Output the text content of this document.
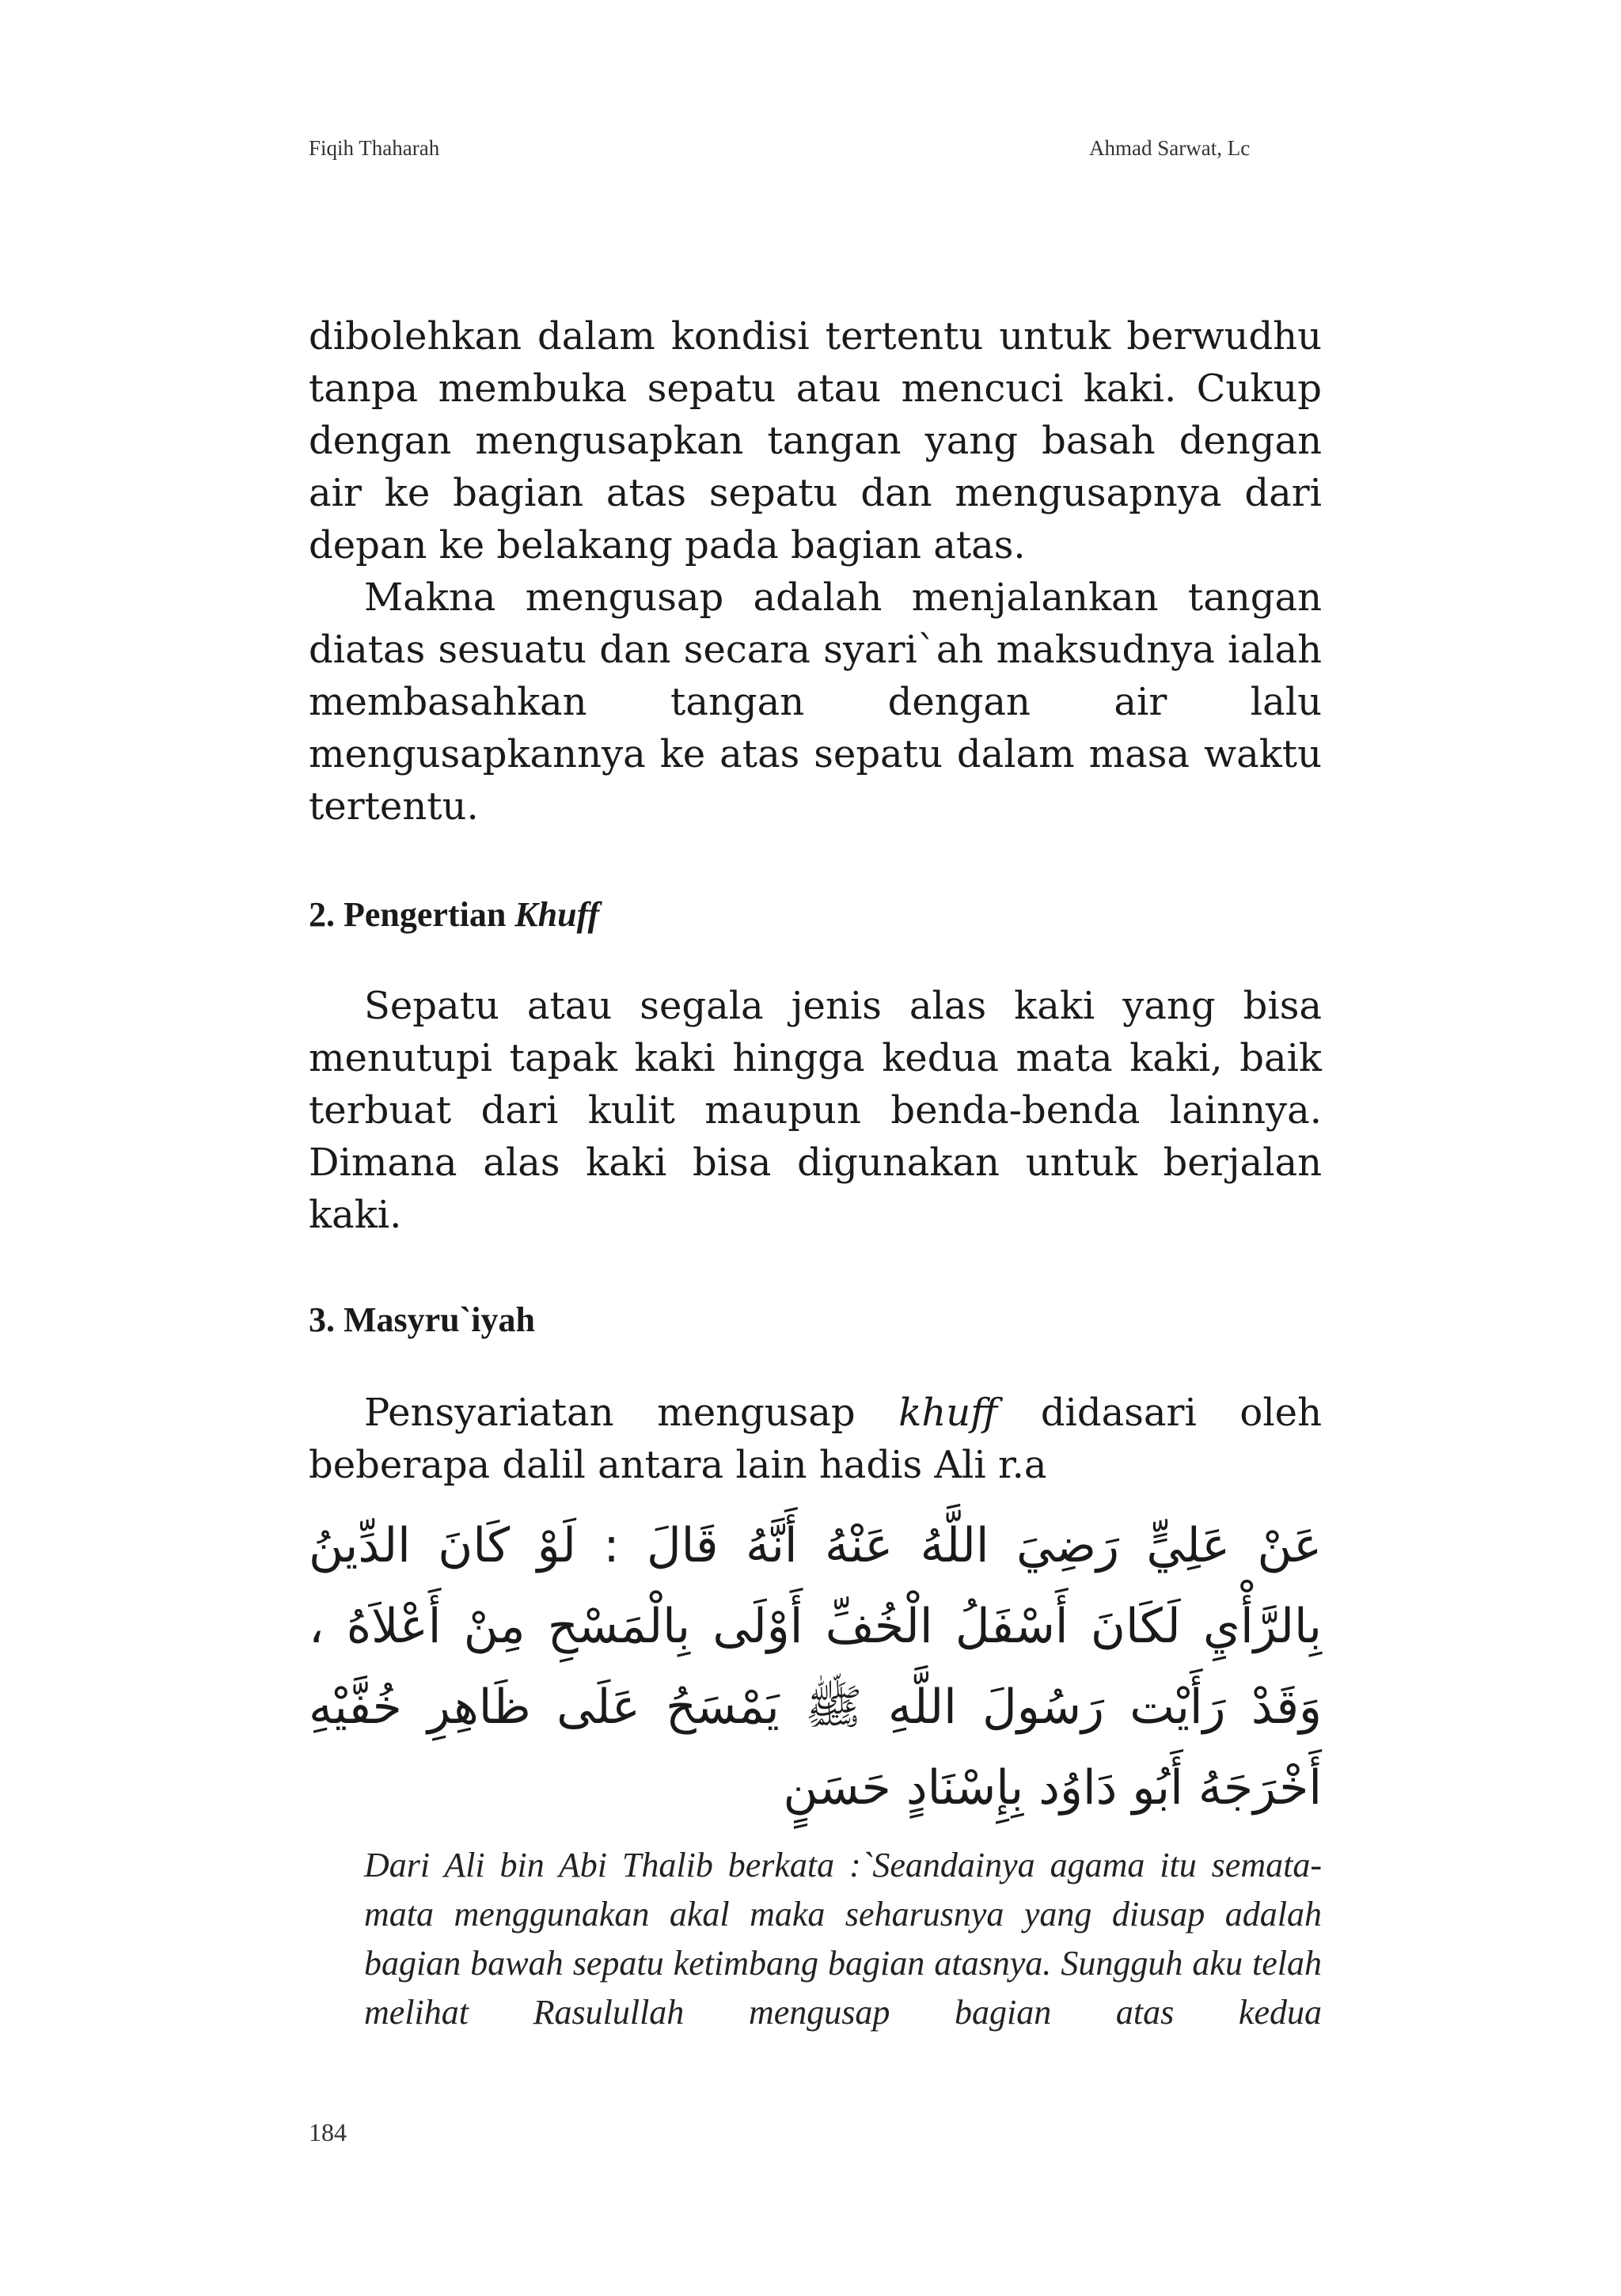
Fiqih Thaharah	Ahmad Sarwat, Lc

dibolehkan dalam kondisi tertentu untuk berwudhu tanpa membuka sepatu atau mencuci kaki. Cukup dengan mengusapkan tangan yang basah dengan air ke bagian atas sepatu dan mengusapnya dari depan ke belakang pada bagian atas.

Makna mengusap adalah menjalankan tangan diatas sesuatu dan secara syari`ah maksudnya ialah membasahkan tangan dengan air lalu mengusapkannya ke atas sepatu dalam masa waktu tertentu.

2. Pengertian Khuff

Sepatu atau segala jenis alas kaki yang bisa menutupi tapak kaki hingga kedua mata kaki, baik terbuat dari kulit maupun benda-benda lainnya. Dimana alas kaki bisa digunakan untuk berjalan kaki.

3. Masyru`iyah

Pensyariatan mengusap khuff didasari oleh beberapa dalil antara lain hadis Ali r.a

عَنْ عَلِيٍّ رَضِيَ اللَّهُ عَنْهُ أَنَّهُ قَالَ : لَوْ كَانَ الدِّينُ بِالرَّأْيِ لَكَانَ أَسْفَلُ الْخُفِّ أَوْلَى بِالْمَسْحِ مِنْ أَعْلاَهُ ، وَقَدْ رَأَيْت رَسُولَ اللَّهِ ﷺ يَمْسَحُ عَلَى ظَاهِرِ خُفَّيْهِ أَخْرَجَهُ أَبُو دَاوُد بِإِسْنَادٍ حَسَنٍ

Dari Ali bin Abi Thalib berkata :`Seandainya agama itu semata-mata menggunakan akal maka seharusnya yang diusap adalah bagian bawah sepatu ketimbang bagian atasnya. Sungguh aku telah melihat Rasulullah mengusap bagian atas kedua

184
